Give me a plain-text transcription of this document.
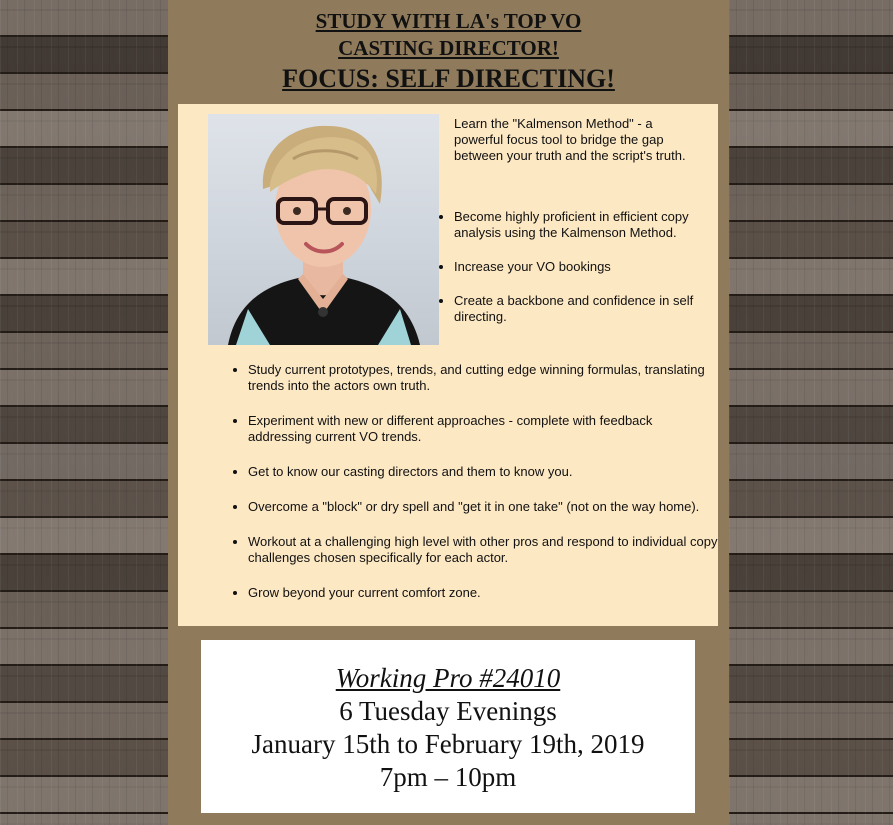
STUDY WITH LA's TOP VO
CASTING DIRECTOR!
FOCUS: SELF DIRECTING!
Learn the "Kalmenson Method" - a powerful focus tool to bridge the gap between your truth and the script's truth.
• Become highly proficient in efficient copy analysis using the Kalmenson Method.
• Increase your VO bookings
• Create a backbone and confidence in self directing.
• Study current prototypes, trends, and cutting edge winning formulas, translating trends into the actors own truth.
• Experiment with new or different approaches - complete with feedback addressing current VO trends.
• Get to know our casting directors and them to know you.
• Overcome a "block" or dry spell and "get it in one take" (not on the way home).
• Workout at a challenging high level with other pros and respond to individual copy challenges chosen specifically for each actor.
• Grow beyond your current comfort zone.
Working Pro #24010
6 Tuesday Evenings
January 15th to February 19th, 2019
7pm – 10pm
